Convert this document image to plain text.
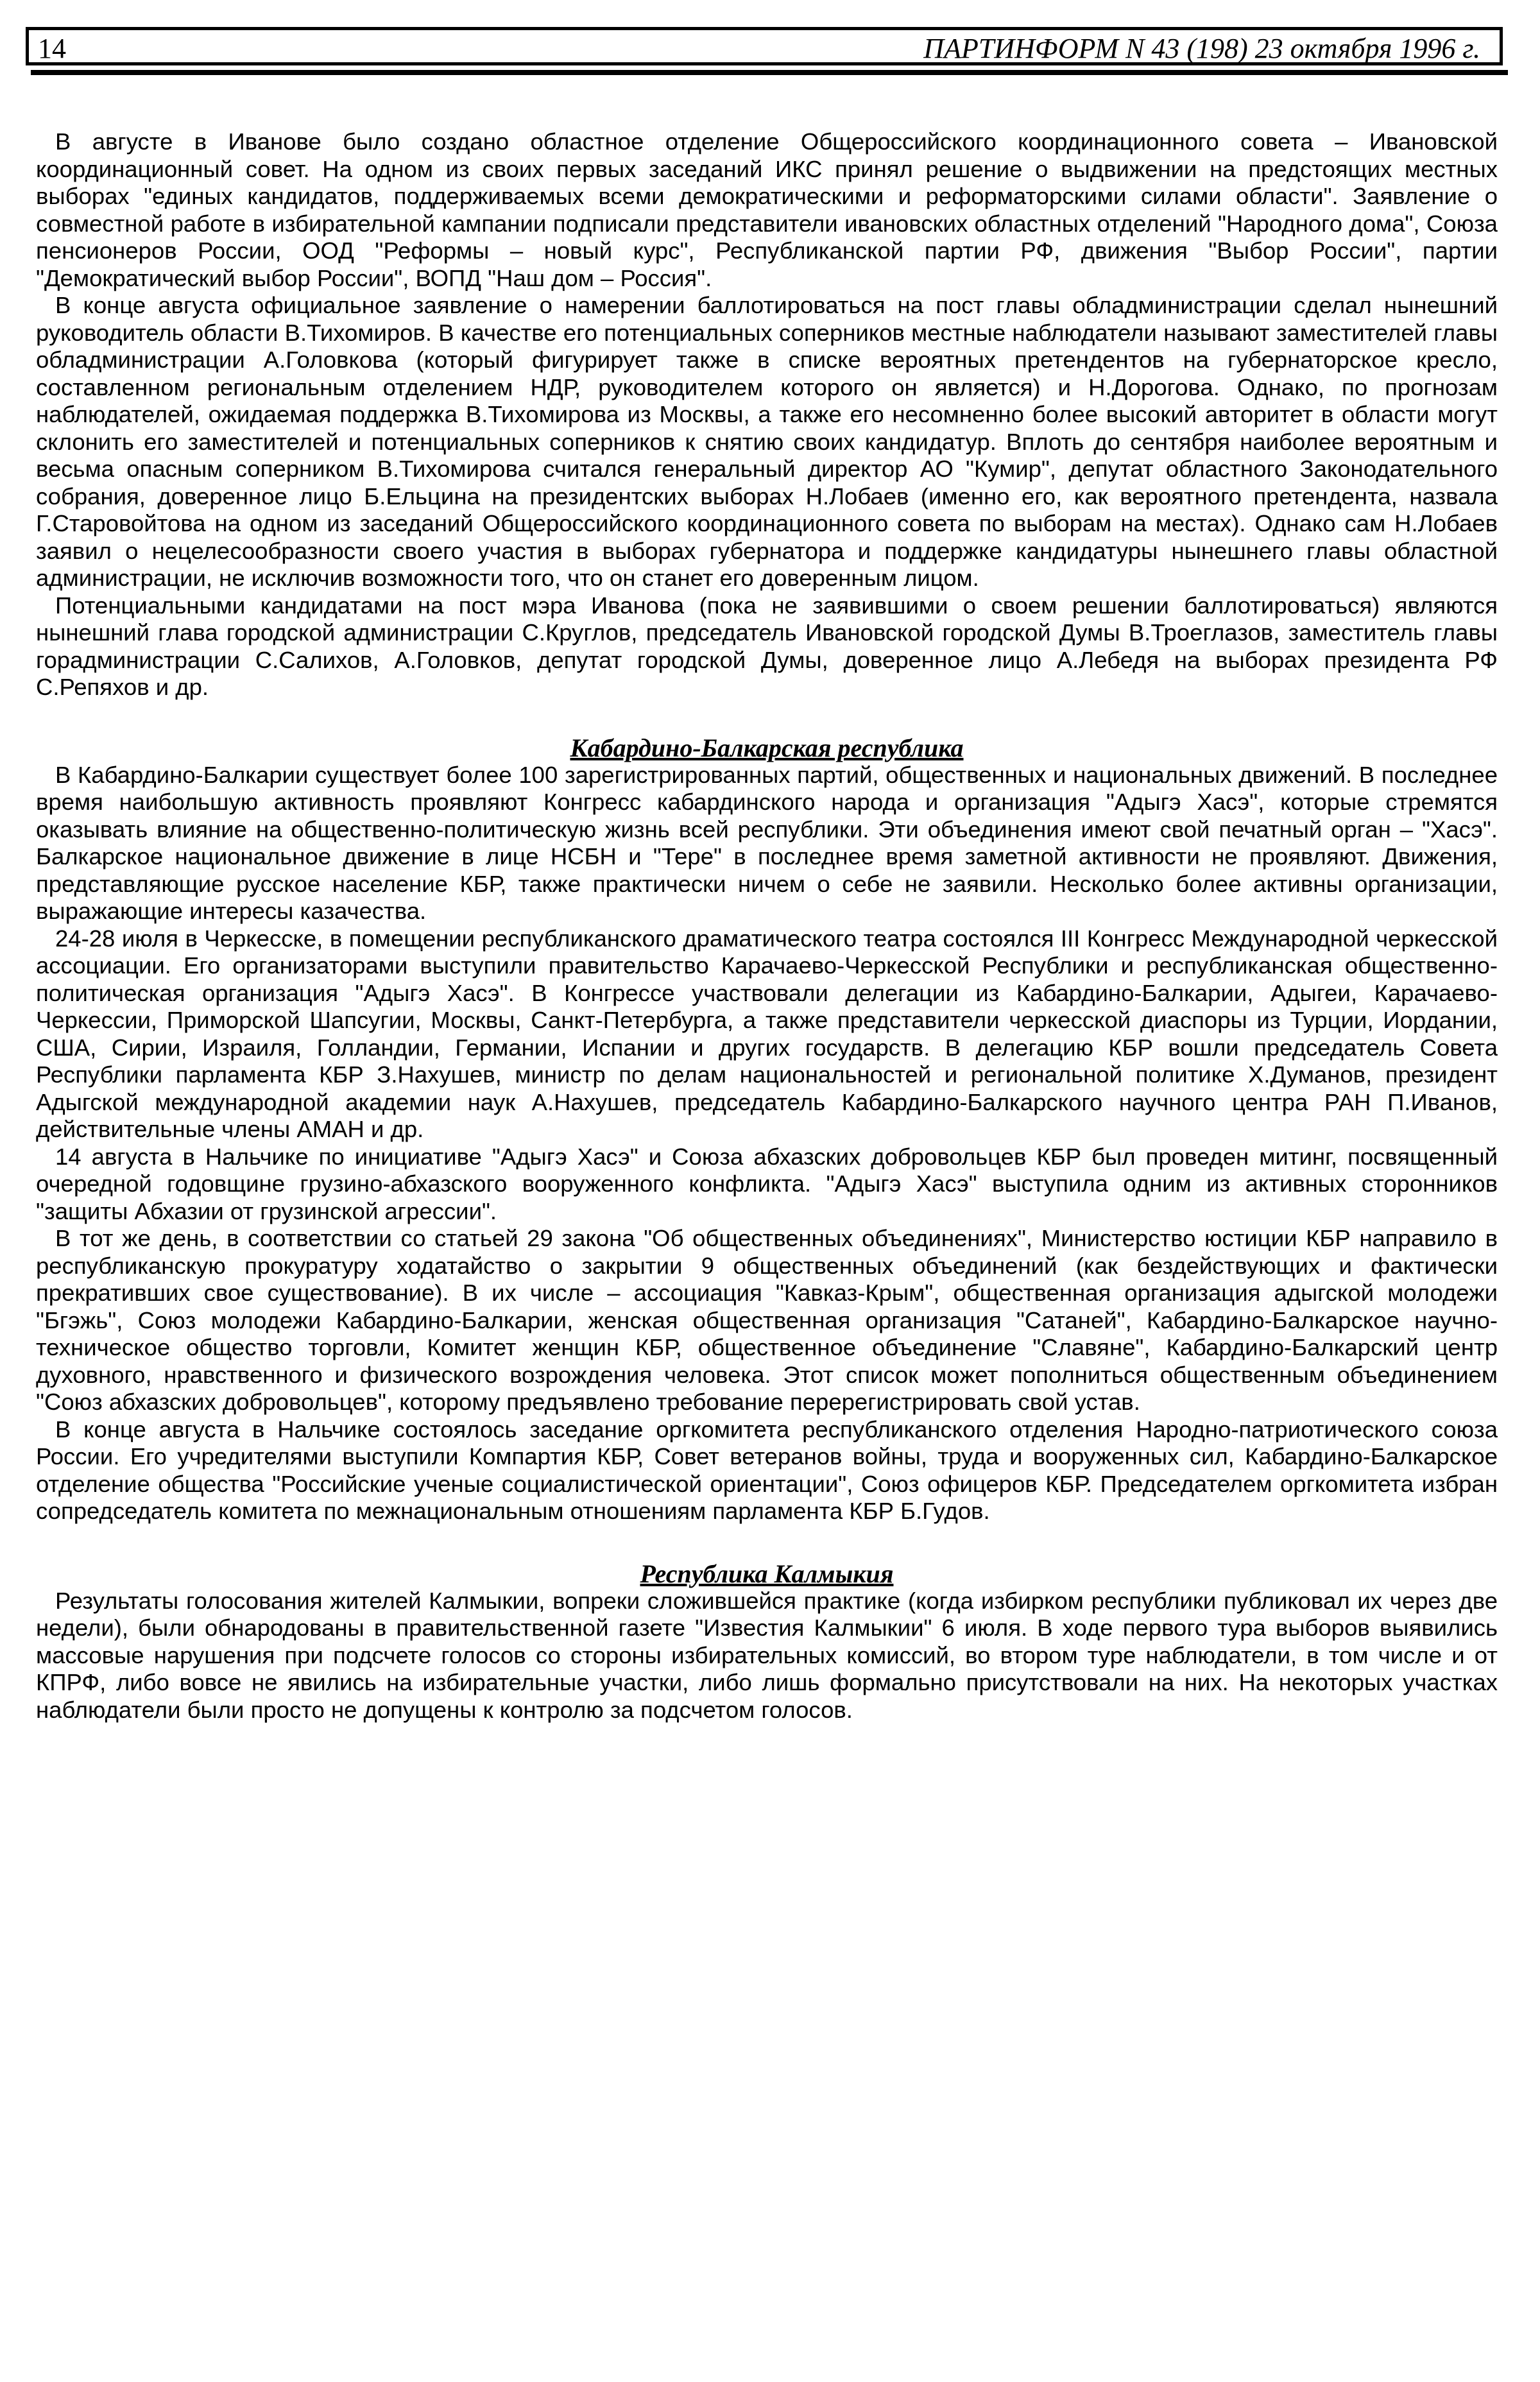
14	ПАРТИНФОРМ N 43 (198) 23 октября 1996 г.

В августе в Иванове было создано областное отделение Общероссийского координационного совета – Ивановской координационный совет. На одном из своих первых заседаний ИКС принял решение о выдвижении на предстоящих местных выборах "единых кандидатов, поддерживаемых всеми демократическими и реформаторскими силами области". Заявление о совместной работе в избирательной кампании подписали представители ивановских областных отделений "Народного дома", Союза пенсионеров России, ООД "Реформы – новый курс", Республиканской партии РФ, движения "Выбор России", партии "Демократический выбор России", ВОПД "Наш дом – Россия".

В конце августа официальное заявление о намерении баллотироваться на пост главы обладминистрации сделал нынешний руководитель области В.Тихомиров. В качестве его потенциальных соперников местные наблюдатели называют заместителей главы обладминистрации А.Головкова (который фигурирует также в списке вероятных претендентов на губернаторское кресло, составленном региональным отделением НДР, руководителем которого он является) и Н.Дорогова. Однако, по прогнозам наблюдателей, ожидаемая поддержка В.Тихомирова из Москвы, а также его несомненно более высокий авторитет в области могут склонить его заместителей и потенциальных соперников к снятию своих кандидатур. Вплоть до сентября наиболее вероятным и весьма опасным соперником В.Тихомирова считался генеральный директор АО "Кумир", депутат областного Законодательного собрания, доверенное лицо Б.Ельцина на президентских выборах Н.Лобаев (именно его, как вероятного претендента, назвала Г.Старовойтова на одном из заседаний Общероссийского координационного совета по выборам на местах). Однако сам Н.Лобаев заявил о нецелесообразности своего участия в выборах губернатора и поддержке кандидатуры нынешнего главы областной администрации, не исключив возможности того, что он станет его доверенным лицом.

Потенциальными кандидатами на пост мэра Иванова (пока не заявившими о своем решении баллотироваться) являются нынешний глава городской администрации С.Круглов, председатель Ивановской городской Думы В.Троеглазов, заместитель главы горадминистрации С.Салихов, А.Головков, депутат городской Думы, доверенное лицо А.Лебедя на выборах президента РФ С.Репяхов и др.

Кабардино-Балкарская республика

В Кабардино-Балкарии существует более 100 зарегистрированных партий, общественных и национальных движений. В последнее время наибольшую активность проявляют Конгресс кабардинского народа и организация "Адыгэ Хасэ", которые стремятся оказывать влияние на общественно-политическую жизнь всей республики. Эти объединения имеют свой печатный орган – "Хасэ". Балкарское национальное движение в лице НСБН и "Тере" в последнее время заметной активности не проявляют. Движения, представляющие русское население КБР, также практически ничем о себе не заявили. Несколько более активны организации, выражающие интересы казачества.

24-28 июля в Черкесске, в помещении республиканского драматического театра состоялся III Конгресс Международной черкесской ассоциации. Его организаторами выступили правительство Карачаево-Черкесской Республики и республиканская общественно-политическая организация "Адыгэ Хасэ". В Конгрессе участвовали делегации из Кабардино-Балкарии, Адыгеи, Карачаево-Черкессии, Приморской Шапсугии, Москвы, Санкт-Петербурга, а также представители черкесской диаспоры из Турции, Иордании, США, Сирии, Израиля, Голландии, Германии, Испании и других государств. В делегацию КБР вошли председатель Совета Республики парламента КБР З.Нахушев, министр по делам национальностей и региональной политике Х.Думанов, президент Адыгской международной академии наук А.Нахушев, председатель Кабардино-Балкарского научного центра РАН П.Иванов, действительные члены АМАН и др.

14 августа в Нальчике по инициативе "Адыгэ Хасэ" и Союза абхазских добровольцев КБР был проведен митинг, посвященный очередной годовщине грузино-абхазского вооруженного конфликта. "Адыгэ Хасэ" выступила одним из активных сторонников "защиты Абхазии от грузинской агрессии".

В тот же день, в соответствии со статьей 29 закона "Об общественных объединениях", Министерство юстиции КБР направило в республиканскую прокуратуру ходатайство о закрытии 9 общественных объединений (как бездействующих и фактически прекративших свое существование). В их числе – ассоциация "Кавказ-Крым", общественная организация адыгской молодежи "Бгэжь", Союз молодежи Кабардино-Балкарии, женская общественная организация "Сатаней", Кабардино-Балкарское научно-техническое общество торговли, Комитет женщин КБР, общественное объединение "Славяне", Кабардино-Балкарский центр духовного, нравственного и физического возрождения человека. Этот список может пополниться общественным объединением "Союз абхазских добровольцев", которому предъявлено требование перерегистрировать свой устав.

В конце августа в Нальчике состоялось заседание оргкомитета республиканского отделения Народно-патриотического союза России. Его учредителями выступили Компартия КБР, Совет ветеранов войны, труда и вооруженных сил, Кабардино-Балкарское отделение общества "Российские ученые социалистической ориентации", Союз офицеров КБР. Председателем оргкомитета избран сопредседатель комитета по межнациональным отношениям парламента КБР Б.Гудов.

Республика Калмыкия

Результаты голосования жителей Калмыкии, вопреки сложившейся практике (когда избирком республики публиковал их через две недели), были обнародованы в правительственной газете "Известия Калмыкии" 6 июля. В ходе первого тура выборов выявились массовые нарушения при подсчете голосов со стороны избирательных комиссий, во втором туре наблюдатели, в том числе и от КПРФ, либо вовсе не явились на избирательные участки, либо лишь формально присутствовали на них. На некоторых участках наблюдатели были просто не допущены к контролю за подсчетом голосов.
